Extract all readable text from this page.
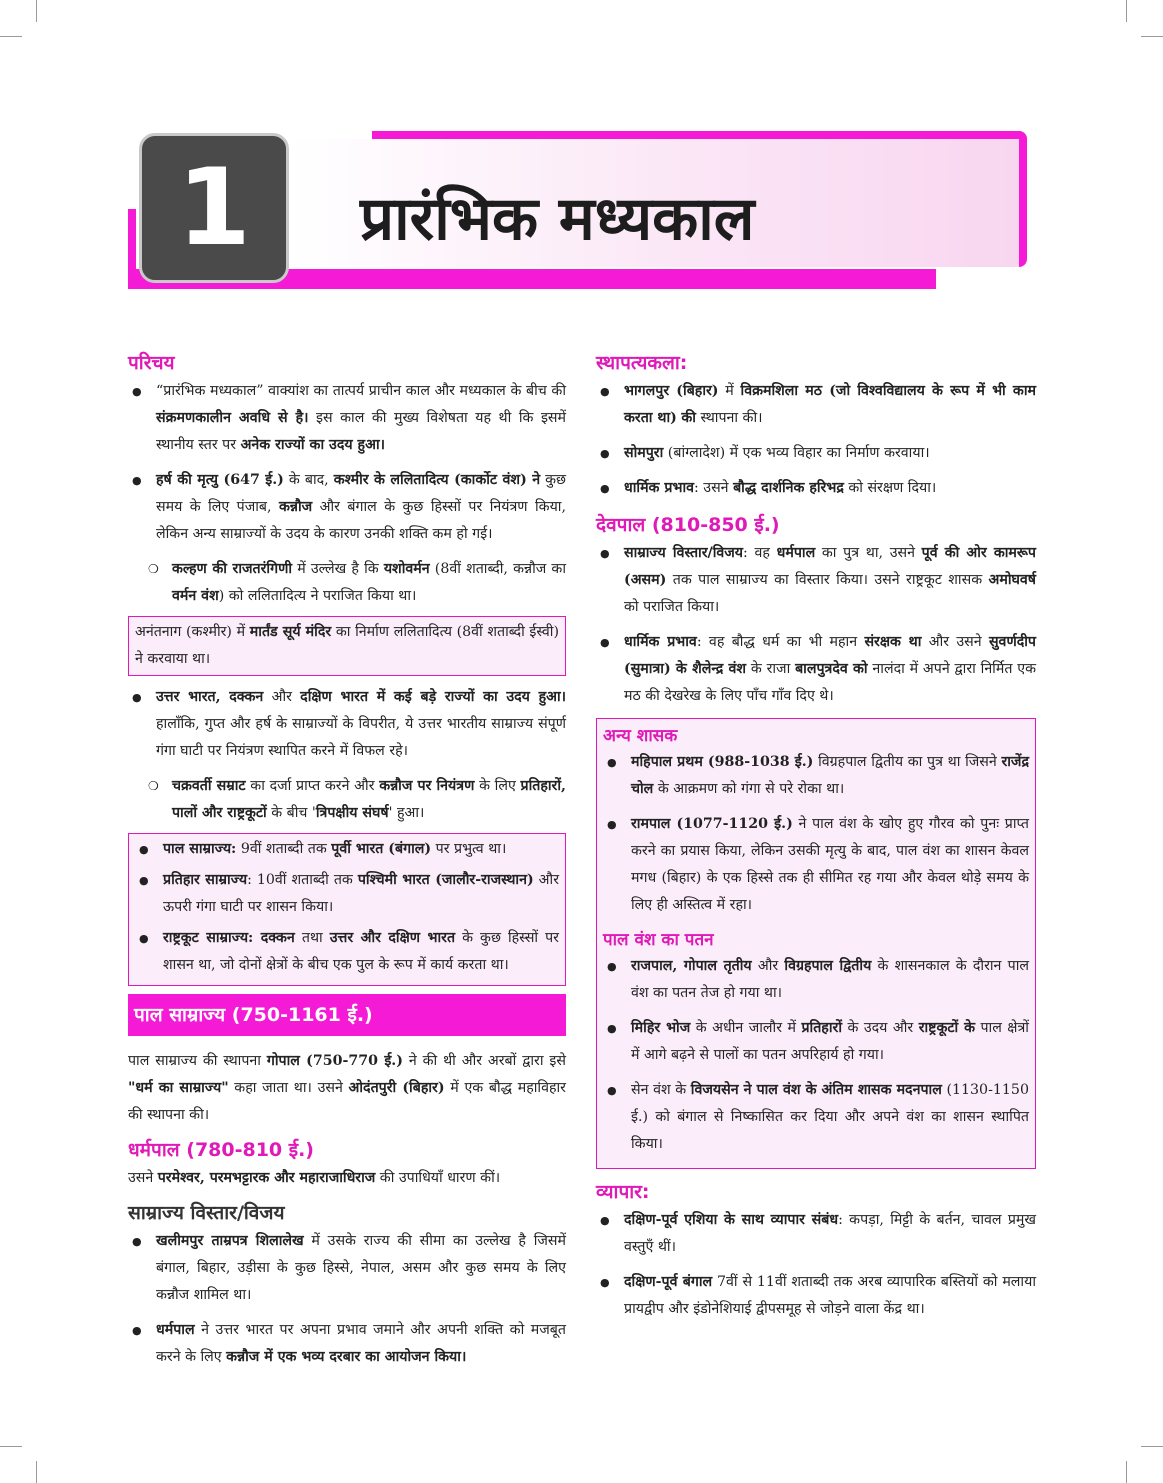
1	प्रारंभिक मध्यकाल
परिचय
● “प्रारंभिक मध्यकाल” वाक्यांश का तात्पर्य प्राचीन काल और मध्यकाल के बीच की संक्रमणकालीन अवधि से है। इस काल की मुख्य विशेषता यह थी कि इसमें स्थानीय स्तर पर अनेक राज्यों का उदय हुआ।
● हर्ष की मृत्यु (647 ई.) के बाद, कश्मीर के ललितादित्य (कार्कोट वंश) ने कुछ समय के लिए पंजाब, कन्नौज और बंगाल के कुछ हिस्सों पर नियंत्रण किया, लेकिन अन्य साम्राज्यों के उदय के कारण उनकी शक्ति कम हो गई।
❍ कल्हण की राजतरंगिणी में उल्लेख है कि यशोवर्मन (8वीं शताब्दी, कन्नौज का वर्मन वंश) को ललितादित्य ने पराजित किया था।
अनंतनाग (कश्मीर) में मार्तंड सूर्य मंदिर का निर्माण ललितादित्य (8वीं शताब्दी ईस्वी) ने करवाया था।
● उत्तर भारत, दक्कन और दक्षिण भारत में कई बड़े राज्यों का उदय हुआ। हालाँकि, गुप्त और हर्ष के साम्राज्यों के विपरीत, ये उत्तर भारतीय साम्राज्य संपूर्ण गंगा घाटी पर नियंत्रण स्थापित करने में विफल रहे।
❍ चक्रवर्ती सम्राट का दर्जा प्राप्त करने और कन्नौज पर नियंत्रण के लिए प्रतिहारों, पालों और राष्ट्रकूटों के बीच 'त्रिपक्षीय संघर्ष' हुआ।
● पाल साम्राज्य: 9वीं शताब्दी तक पूर्वी भारत (बंगाल) पर प्रभुत्व था।
● प्रतिहार साम्राज्य: 10वीं शताब्दी तक पश्चिमी भारत (जालौर-राजस्थान) और ऊपरी गंगा घाटी पर शासन किया।
● राष्ट्रकूट साम्राज्य: दक्कन तथा उत्तर और दक्षिण भारत के कुछ हिस्सों पर शासन था, जो दोनों क्षेत्रों के बीच एक पुल के रूप में कार्य करता था।
पाल साम्राज्य (750-1161 ई.)
पाल साम्राज्य की स्थापना गोपाल (750-770 ई.) ने की थी और अरबों द्वारा इसे "धर्म का साम्राज्य" कहा जाता था। उसने ओदंतपुरी (बिहार) में एक बौद्ध महाविहार की स्थापना की।
धर्मपाल (780-810 ई.)
उसने परमेश्वर, परमभट्टारक और महाराजाधिराज की उपाधियाँ धारण कीं।
साम्राज्य विस्तार/विजय
● खलीमपुर ताम्रपत्र शिलालेख में उसके राज्य की सीमा का उल्लेख है जिसमें बंगाल, बिहार, उड़ीसा के कुछ हिस्से, नेपाल, असम और कुछ समय के लिए कन्नौज शामिल था।
● धर्मपाल ने उत्तर भारत पर अपना प्रभाव जमाने और अपनी शक्ति को मजबूत करने के लिए कन्नौज में एक भव्य दरबार का आयोजन किया।
स्थापत्यकला:
● भागलपुर (बिहार) में विक्रमशिला मठ (जो विश्वविद्यालय के रूप में भी काम करता था) की स्थापना की।
● सोमपुरा (बांग्लादेश) में एक भव्य विहार का निर्माण करवाया।
● धार्मिक प्रभाव: उसने बौद्ध दार्शनिक हरिभद्र को संरक्षण दिया।
देवपाल (810-850 ई.)
● साम्राज्य विस्तार/विजय: वह धर्मपाल का पुत्र था, उसने पूर्व की ओर कामरूप (असम) तक पाल साम्राज्य का विस्तार किया। उसने राष्ट्रकूट शासक अमोघवर्ष को पराजित किया।
● धार्मिक प्रभाव: वह बौद्ध धर्म का भी महान संरक्षक था और उसने सुवर्णदीप (सुमात्रा) के शैलेन्द्र वंश के राजा बालपुत्रदेव को नालंदा में अपने द्वारा निर्मित एक मठ की देखरेख के लिए पाँच गाँव दिए थे।
अन्य शासक
● महिपाल प्रथम (988-1038 ई.) विग्रहपाल द्वितीय का पुत्र था जिसने राजेंद्र चोल के आक्रमण को गंगा से परे रोका था।
● रामपाल (1077-1120 ई.) ने पाल वंश के खोए हुए गौरव को पुनः प्राप्त करने का प्रयास किया, लेकिन उसकी मृत्यु के बाद, पाल वंश का शासन केवल मगध (बिहार) के एक हिस्से तक ही सीमित रह गया और केवल थोड़े समय के लिए ही अस्तित्व में रहा।
पाल वंश का पतन
● राजपाल, गोपाल तृतीय और विग्रहपाल द्वितीय के शासनकाल के दौरान पाल वंश का पतन तेज हो गया था।
● मिहिर भोज के अधीन जालौर में प्रतिहारों के उदय और राष्ट्रकूटों के पाल क्षेत्रों में आगे बढ़ने से पालों का पतन अपरिहार्य हो गया।
● सेन वंश के विजयसेन ने पाल वंश के अंतिम शासक मदनपाल (1130-1150 ई.) को बंगाल से निष्कासित कर दिया और अपने वंश का शासन स्थापित किया।
व्यापार:
● दक्षिण-पूर्व एशिया के साथ व्यापार संबंध: कपड़ा, मिट्टी के बर्तन, चावल प्रमुख वस्तुएँ थीं।
● दक्षिण-पूर्व बंगाल 7वीं से 11वीं शताब्दी तक अरब व्यापारिक बस्तियों को मलाया प्रायद्वीप और इंडोनेशियाई द्वीपसमूह से जोड़ने वाला केंद्र था।
